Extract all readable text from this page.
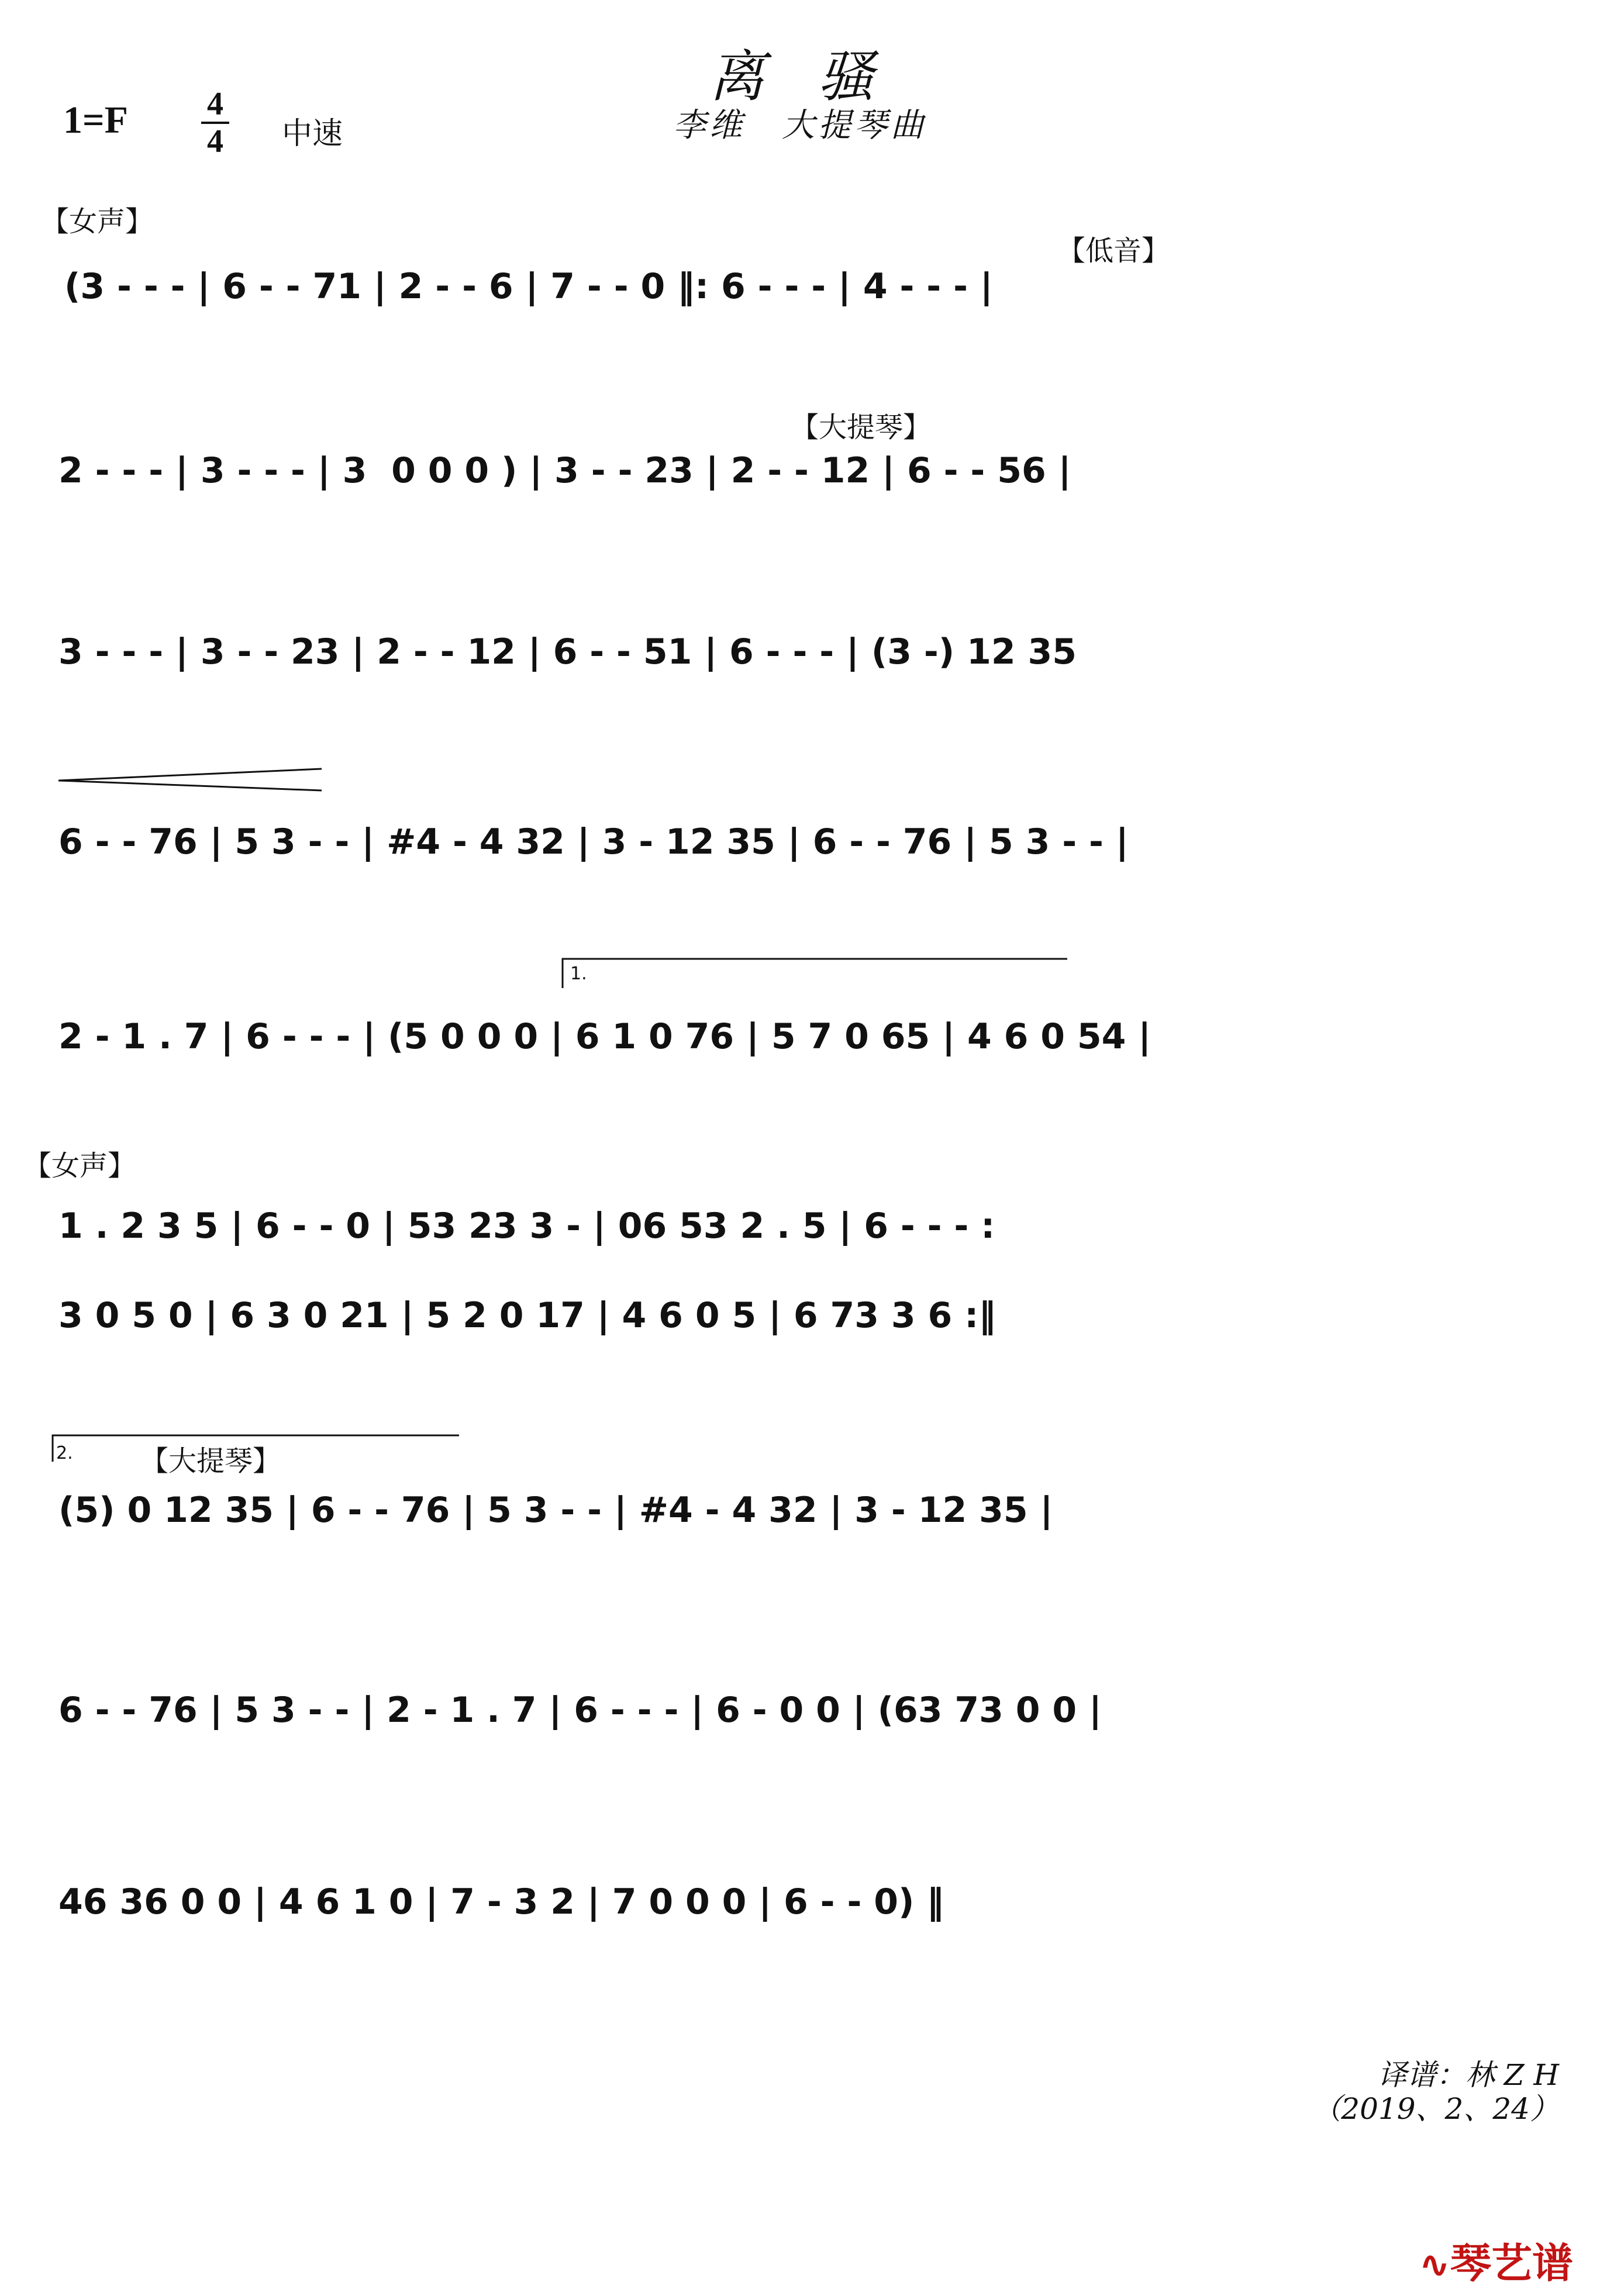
离 骚
李维　大提琴曲
1=F 4
4	中速
【女声】
【低音】
【大提琴】
【女声】
【大提琴】
1.
2.
(3 - - - | 6 - - 71 | 2 - - 6 | 7 - - 0 ‖: 6 - - - | 4 - - - |
2 - - - | 3 - - - | 3  0 0 0 ) | 3 - - 23 | 2 - - 12 | 6 - - 56 |
3 - - - | 3 - - 23 | 2 - - 12 | 6 - - 51 | 6 - - - | (3 -) 12 35
6 - - 76 | 5 3 - - | #4 - 4 32 | 3 - 12 35 | 6 - - 76 | 5 3 - - |
2 - 1 . 7 | 6 - - - | (5 0 0 0 | 6 1 0 76 | 5 7 0 65 | 4 6 0 54 |
1 . 2 3 5 | 6 - - 0 | 53 23 3 - | 06 53 2 . 5 | 6 - - - :
3 0 5 0 | 6 3 0 21 | 5 2 0 17 | 4 6 0 5 | 6 73 3 6 :‖
(5) 0 12 35 | 6 - - 76 | 5 3 - - | #4 - 4 32 | 3 - 12 35 |
6 - - 76 | 5 3 - - | 2 - 1 . 7 | 6 - - - | 6 - 0 0 | (63 73 0 0 |
46 36 0 0 | 4 6 1 0 | 7 - 3 2 | 7 0 0 0 | 6 - - 0) ‖
译谱：林 Z H
（2019、2、24）
∿琴艺谱
